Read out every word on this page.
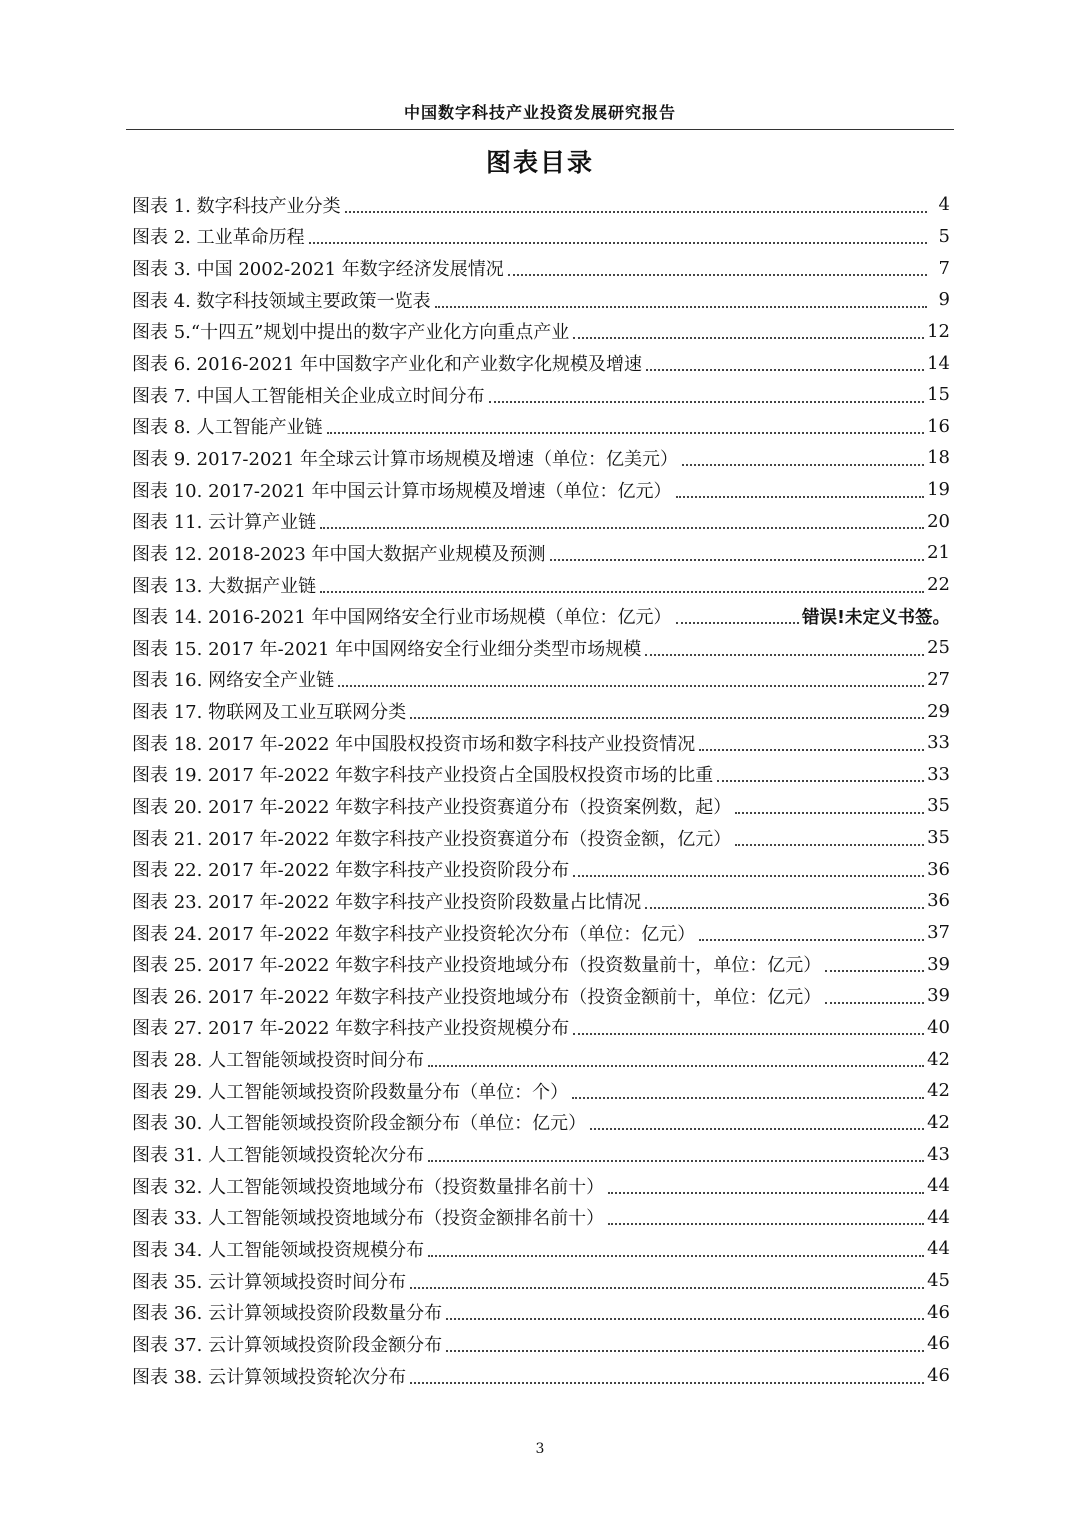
中国数字科技产业投资发展研究报告
图表目录
图表 1. 数字科技产业分类	4
图表 2. 工业革命历程	5
图表 3. 中国 2002-2021 年数字经济发展情况	7
图表 4. 数字科技领域主要政策一览表	9
图表 5.“十四五”规划中提出的数字产业化方向重点产业	12
图表 6. 2016-2021 年中国数字产业化和产业数字化规模及增速	14
图表 7. 中国人工智能相关企业成立时间分布	15
图表 8. 人工智能产业链	16
图表 9. 2017-2021 年全球云计算市场规模及增速（单位：亿美元）	18
图表 10. 2017-2021 年中国云计算市场规模及增速（单位：亿元）	19
图表 11. 云计算产业链	20
图表 12. 2018-2023 年中国大数据产业规模及预测	21
图表 13. 大数据产业链	22
图表 14. 2016-2021 年中国网络安全行业市场规模（单位：亿元）	错误!未定义书签。
图表 15. 2017 年-2021 年中国网络安全行业细分类型市场规模	25
图表 16. 网络安全产业链	27
图表 17. 物联网及工业互联网分类	29
图表 18. 2017 年-2022 年中国股权投资市场和数字科技产业投资情况	33
图表 19. 2017 年-2022 年数字科技产业投资占全国股权投资市场的比重	33
图表 20. 2017 年-2022 年数字科技产业投资赛道分布（投资案例数，起）	35
图表 21. 2017 年-2022 年数字科技产业投资赛道分布（投资金额，亿元）	35
图表 22. 2017 年-2022 年数字科技产业投资阶段分布	36
图表 23. 2017 年-2022 年数字科技产业投资阶段数量占比情况	36
图表 24. 2017 年-2022 年数字科技产业投资轮次分布（单位：亿元）	37
图表 25. 2017 年-2022 年数字科技产业投资地域分布（投资数量前十，单位：亿元）	39
图表 26. 2017 年-2022 年数字科技产业投资地域分布（投资金额前十，单位：亿元）	39
图表 27. 2017 年-2022 年数字科技产业投资规模分布	40
图表 28. 人工智能领域投资时间分布	42
图表 29. 人工智能领域投资阶段数量分布（单位：个）	42
图表 30. 人工智能领域投资阶段金额分布（单位：亿元）	42
图表 31. 人工智能领域投资轮次分布	43
图表 32. 人工智能领域投资地域分布（投资数量排名前十）	44
图表 33. 人工智能领域投资地域分布（投资金额排名前十）	44
图表 34. 人工智能领域投资规模分布	44
图表 35. 云计算领域投资时间分布	45
图表 36. 云计算领域投资阶段数量分布	46
图表 37. 云计算领域投资阶段金额分布	46
图表 38. 云计算领域投资轮次分布	46
3
